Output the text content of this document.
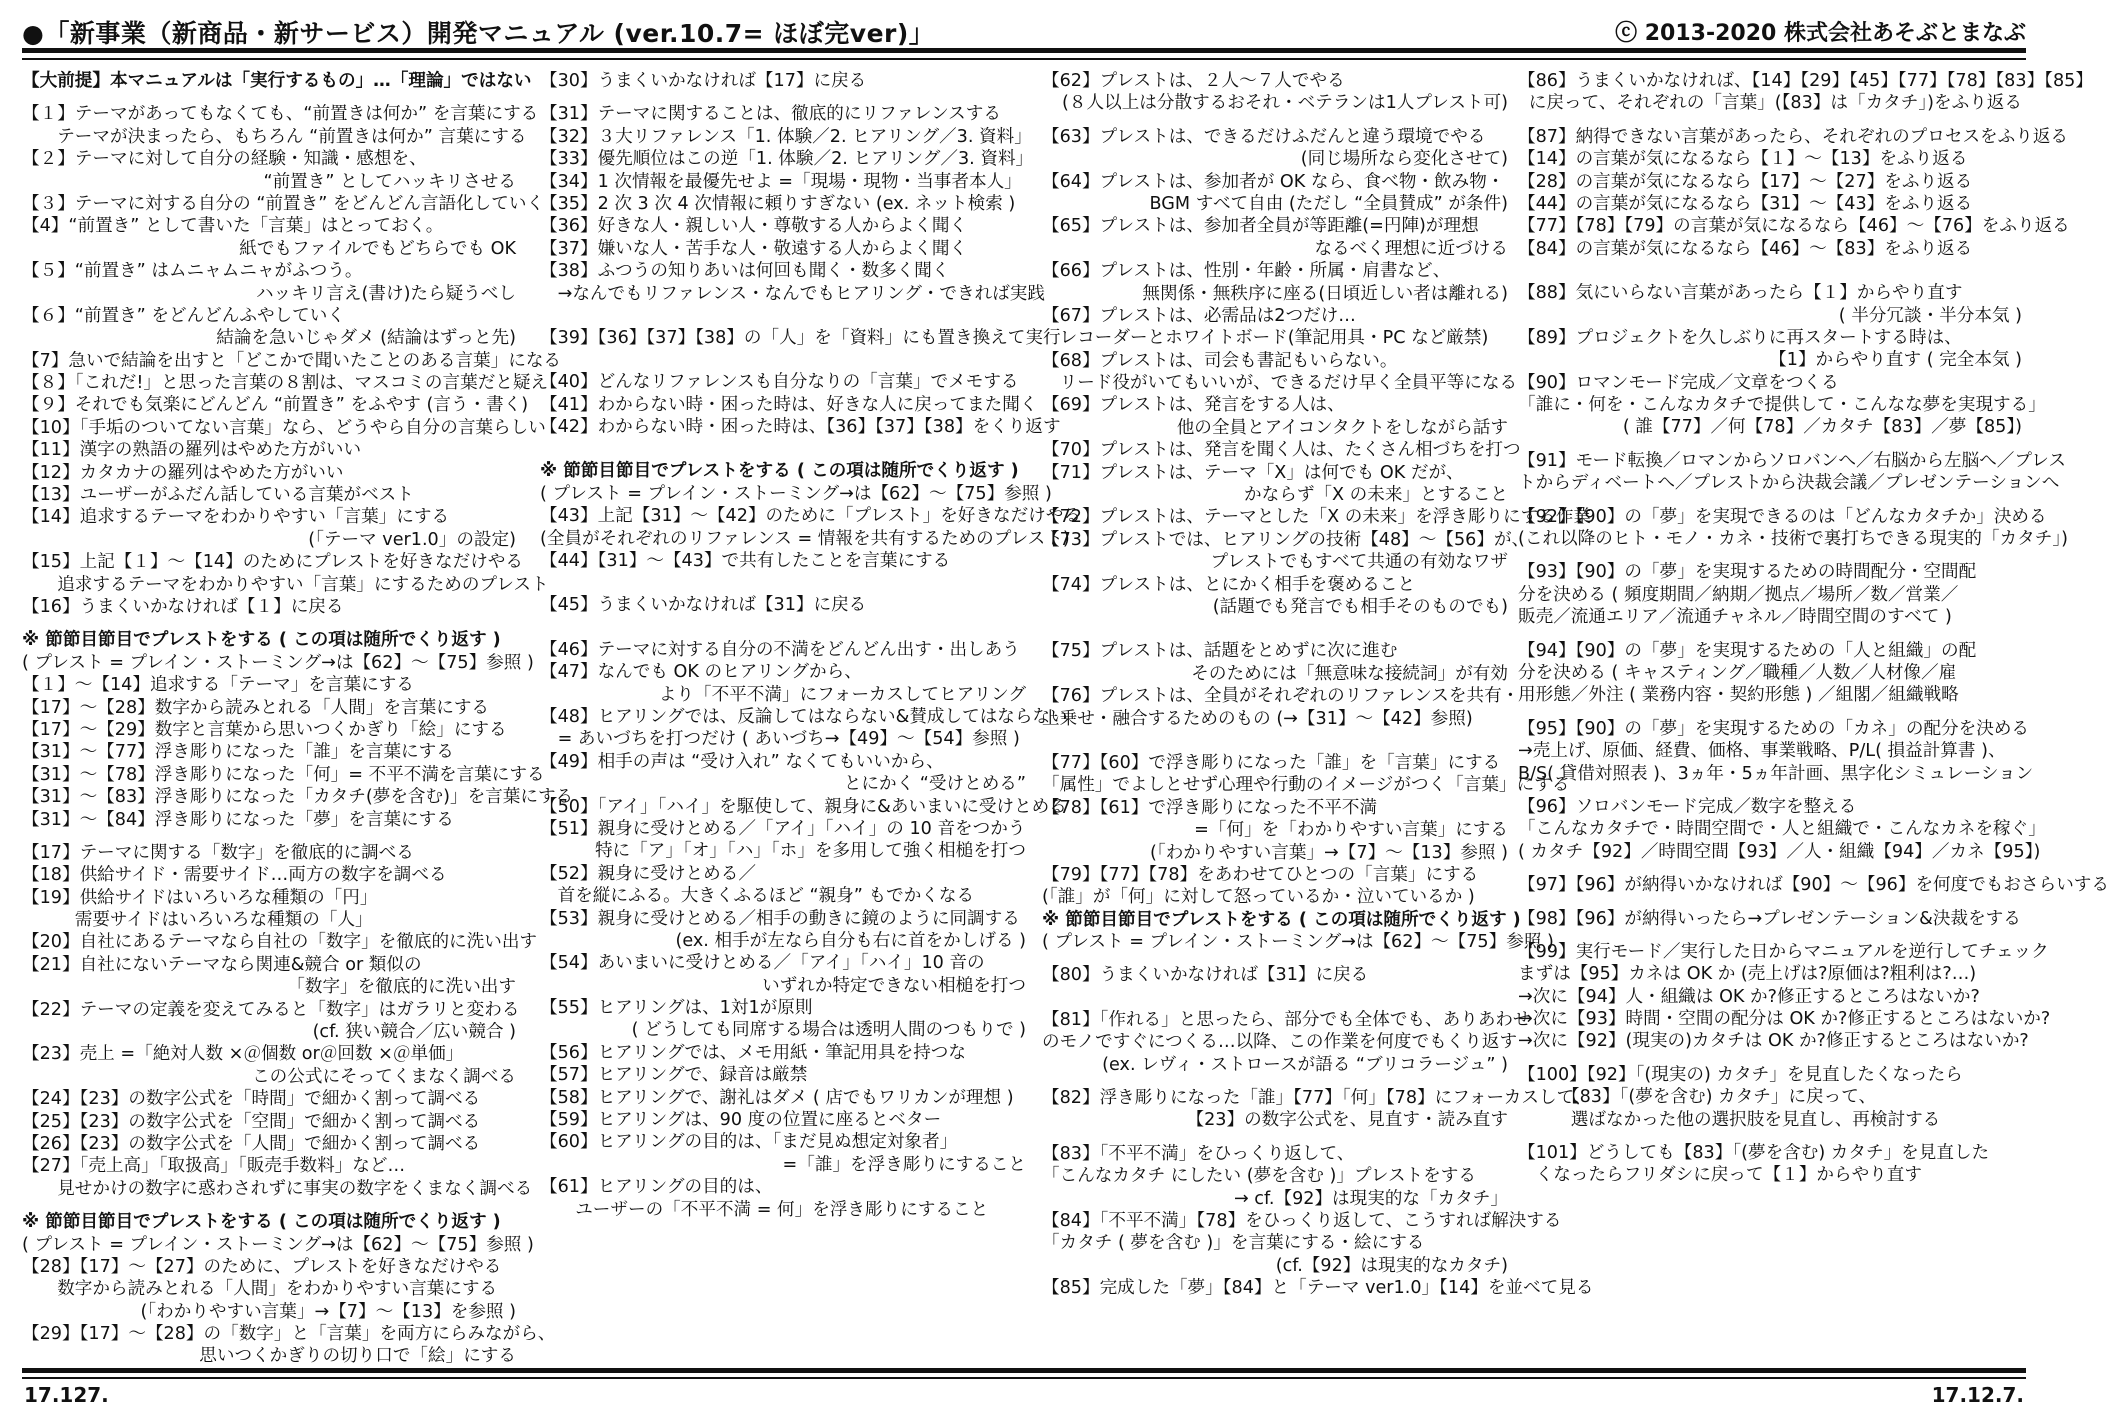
●「新事業（新商品・新サービス）開発マニュアル (ver.10.7= ほぼ完ver)」	ⓒ 2013-2020 株式会社あそぶとまなぶ
【大前提】本マニュアルは「実行するもの」…「理論」ではない
【１】テーマがあってもなくても、“前置きは何か” を言葉にする
　　テーマが決まったら、もちろん “前置きは何か” 言葉にする
【２】テーマに対して自分の経験・知識・感想を、
“前置き” としてハッキリさせる
【３】テーマに対する自分の “前置き” をどんどん言語化していく
【4】“前置き” として書いた「言葉」はとっておく。
紙でもファイルでもどちらでも OK
【５】“前置き” はムニャムニャがふつう。
ハッキリ言え(書け)たら疑うべし
【６】“前置き” をどんどんふやしていく
結論を急いじゃダメ (結論はずっと先)
【7】急いで結論を出すと「どこかで聞いたことのある言葉」になる
【８】「これだ!」と思った言葉の８割は、マスコミの言葉だと疑え
【９】それでも気楽にどんどん “前置き” をふやす (言う・書く)
【10】「手垢のついてない言葉」なら、どうやら自分の言葉らしい
【11】漢字の熟語の羅列はやめた方がいい
【12】カタカナの羅列はやめた方がいい
【13】ユーザーがふだん話している言葉がベスト
【14】追求するテーマをわかりやすい「言葉」にする
(「テーマ ver1.0」の設定)
【15】上記【１】〜【14】のためにプレストを好きなだけやる
　　追求するテーマをわかりやすい「言葉」にするためのプレスト
【16】うまくいかなければ【１】に戻る
※ 節節目節目でプレストをする ( この項は随所でくり返す )
( プレスト = プレイン・ストーミング→は【62】〜【75】参照 )
【１】〜【14】追求する「テーマ」を言葉にする
【17】〜【28】数字から読みとれる「人間」を言葉にする
【17】〜【29】数字と言葉から思いつくかぎり「絵」にする
【31】〜【77】浮き彫りになった「誰」を言葉にする
【31】〜【78】浮き彫りになった「何」= 不平不満を言葉にする
【31】〜【83】浮き彫りになった「カタチ(夢を含む)」を言葉にする
【31】〜【84】浮き彫りになった「夢」を言葉にする
【17】テーマに関する「数字」を徹底的に調べる
【18】供給サイド・需要サイド…両方の数字を調べる
【19】供給サイドはいろいろな種類の「円」
　　　需要サイドはいろいろな種類の「人」
【20】自社にあるテーマなら自社の「数字」を徹底的に洗い出す
【21】自社にないテーマなら関連&競合 or 類似の
「数字」を徹底的に洗い出す
【22】テーマの定義を変えてみると「数字」はガラリと変わる
(cf. 狭い競合／広い競合 )
【23】売上 =「絶対人数 ×＠個数 or＠回数 ×＠単価」
この公式にそってくまなく調べる
【24】【23】の数字公式を「時間」で細かく割って調べる
【25】【23】の数字公式を「空間」で細かく割って調べる
【26】【23】の数字公式を「人間」で細かく割って調べる
【27】「売上高」「取扱高」「販売手数料」など…
　　見せかけの数字に惑わされずに事実の数字をくまなく調べる
※ 節節目節目でプレストをする ( この項は随所でくり返す )
( プレスト = プレイン・ストーミング→は【62】〜【75】参照 )
【28】【17】〜【27】のために、プレストを好きなだけやる
　　数字から読みとれる「人間」をわかりやすい言葉にする
(「わかりやすい言葉」→【7】〜【13】を参照 )
【29】【17】〜【28】の「数字」と「言葉」を両方にらみながら、
思いつくかぎりの切り口で「絵」にする
【30】うまくいかなければ【17】に戻る
【31】テーマに関することは、徹底的にリファレンスする
【32】３大リファレンス「1. 体験／2. ヒアリング／3. 資料」
【33】優先順位はこの逆「1. 体験／2. ヒアリング／3. 資料」
【34】1 次情報を最優先せよ =「現場・現物・当事者本人」
【35】2 次 3 次 4 次情報に頼りすぎない (ex. ネット検索 )
【36】好きな人・親しい人・尊敬する人からよく聞く
【37】嫌いな人・苦手な人・敬遠する人からよく聞く
【38】ふつうの知りあいは何回も聞く・数多く聞く
　→なんでもリファレンス・なんでもヒアリング・できれば実践
【39】【36】【37】【38】の「人」を「資料」にも置き換えて実行
【40】どんなリファレンスも自分なりの「言葉」でメモする
【41】わからない時・困った時は、好きな人に戻ってまた聞く
【42】わからない時・困った時は、【36】【37】【38】をくり返す
※ 節節目節目でプレストをする ( この項は随所でくり返す )
( プレスト = プレイン・ストーミング→は【62】〜【75】参照 )
【43】上記【31】〜【42】のために「プレスト」を好きなだけやる
(全員がそれぞれのリファレンス = 情報を共有するためのプレスト)
【44】【31】〜【43】で共有したことを言葉にする
【45】うまくいかなければ【31】に戻る
【46】テーマに対する自分の不満をどんどん出す・出しあう
【47】なんでも OK のヒアリングから、
より「不平不満」にフォーカスしてヒアリング
【48】ヒアリングでは、反論してはならない&賛成してはならない
　= あいづちを打つだけ ( あいづち→【49】〜【54】参照 )
【49】相手の声は “受け入れ” なくてもいいから、
とにかく “受けとめる”
【50】「アイ」「ハイ」を駆使して、親身に&あいまいに受けとめる
【51】親身に受けとめる／「アイ」「ハイ」の 10 音をつかう
特に「ア」「オ」「ハ」「ホ」を多用して強く相槌を打つ
【52】親身に受けとめる／
　首を縦にふる。大きくふるほど “親身” もでかくなる
【53】親身に受けとめる／相手の動きに鏡のように同調する
(ex. 相手が左なら自分も右に首をかしげる )
【54】あいまいに受けとめる／「アイ」「ハイ」10 音の
いずれか特定できない相槌を打つ
【55】ヒアリングは、1対1が原則
( どうしても同席する場合は透明人間のつもりで )
【56】ヒアリングでは、メモ用紙・筆記用具を持つな
【57】ヒアリングで、録音は厳禁
【58】ヒアリングで、謝礼はダメ ( 店でもワリカンが理想 )
【59】ヒアリングは、90 度の位置に座るとベター
【60】ヒアリングの目的は、「まだ見ぬ想定対象者」
=「誰」を浮き彫りにすること
【61】ヒアリングの目的は、
　　ユーザーの「不平不満 = 何」を浮き彫りにすること
【62】プレストは、２人〜７人でやる
(８人以上は分散するおそれ・ベテランは1人プレスト可)
【63】プレストは、できるだけふだんと違う環境でやる
(同じ場所なら変化させて)
【64】プレストは、参加者が OK なら、食べ物・飲み物・
BGM すべて自由 (ただし “全員賛成” が条件)
【65】プレストは、参加者全員が等距離(=円陣)が理想
なるべく理想に近づける
【66】プレストは、性別・年齢・所属・肩書など、
無関係・無秩序に座る(日頃近しい者は離れる)
【67】プレストは、必需品は2つだけ…
　レコーダーとホワイトボード(筆記用具・PC など厳禁)
【68】プレストは、司会も書記もいらない。
　リード役がいてもいいが、できるだけ早く全員平等になる
【69】プレストは、発言をする人は、
他の全員とアイコンタクトをしながら話す
【70】プレストは、発言を聞く人は、たくさん相づちを打つ
【71】プレストは、テーマ「X」は何でも OK だが、
かならず「X の未来」とすること
【72】プレストは、テーマとした「X の未来」を浮き彫りにする作業
【73】プレストでは、ヒアリングの技術【48】〜【56】が、
プレストでもすべて共通の有効なワザ
【74】プレストは、とにかく相手を褒めること
(話題でも発言でも相手そのものでも)
【75】プレストは、話題をとめずに次に進む
そのためには「無意味な接続詞」が有効
【76】プレストは、全員がそれぞれのリファレンスを共有・
上乗せ・融合するためのもの (→【31】〜【42】参照)
【77】【60】で浮き彫りになった「誰」を「言葉」にする
「属性」でよしとせず心理や行動のイメージがつく「言葉」にする
【78】【61】で浮き彫りになった不平不満
=「何」を「わかりやすい言葉」にする
(「わかりやすい言葉」→【7】〜【13】参照 )
【79】【77】【78】をあわせてひとつの「言葉」にする
(「誰」が「何」に対して怒っているか・泣いているか )
※ 節節目節目でプレストをする ( この項は随所でくり返す )
( プレスト = プレイン・ストーミング→は【62】〜【75】参照 )
【80】うまくいかなければ【31】に戻る
【81】「作れる」と思ったら、部分でも全体でも、ありあわせ
のモノですぐにつくる…以降、この作業を何度でもくり返す
(ex. レヴィ・ストロースが語る “ブリコラージュ” )
【82】浮き彫りになった「誰」【77】「何」【78】にフォーカスして、
【23】の数字公式を、見直す・読み直す
【83】「不平不満」をひっくり返して、
「こんなカタチ にしたい (夢を含む )」プレストをする
→ cf.【92】は現実的な「カタチ」
【84】「不平不満」【78】をひっくり返して、こうすれば解決する
「カタチ ( 夢を含む )」を言葉にする・絵にする
(cf.【92】は現実的なカタチ)
【85】完成した「夢」【84】と「テーマ ver1.0」【14】を並べて見る
【86】うまくいかなければ、【14】【29】【45】【77】【78】【83】【85】
に戻って、それぞれの「言葉」(【83】は「カタチ」)をふり返る
【87】納得できない言葉があったら、それぞれのプロセスをふり返る
【14】の言葉が気になるなら【１】〜【13】をふり返る
【28】の言葉が気になるなら【17】〜【27】をふり返る
【44】の言葉が気になるなら【31】〜【43】をふり返る
【77】【78】【79】の言葉が気になるなら【46】〜【76】をふり返る
【84】の言葉が気になるなら【46】〜【83】をふり返る
【88】気にいらない言葉があったら【１】からやり直す
( 半分冗談・半分本気 )
【89】プロジェクトを久しぶりに再スタートする時は、
【1】からやり直す ( 完全本気 )
【90】ロマンモード完成／文章をつくる
「誰に・何を・こんなカタチで提供して・こんなな夢を実現する」
( 誰【77】／何【78】／カタチ【83】／夢【85】)
【91】モード転換／ロマンからソロバンへ／右脳から左脳へ／プレス
トからディベートへ／プレストから決裁会議／プレゼンテーションへ
【92】【90】の「夢」を実現できるのは「どんなカタチか」決める
(これ以降のヒト・モノ・カネ・技術で裏打ちできる現実的「カタチ」)
【93】【90】の「夢」を実現するための時間配分・空間配
分を決める ( 頻度期間／納期／拠点／場所／数／営業／
販売／流通エリア／流通チャネル／時間空間のすべて )
【94】【90】の「夢」を実現するための「人と組織」の配
分を決める ( キャスティング／職種／人数／人材像／雇
用形態／外注 ( 業務内容・契約形態 ) ／組閣／組織戦略
【95】【90】の「夢」を実現するための「カネ」の配分を決める
→売上げ、原価、経費、価格、事業戦略、P/L( 損益計算書 )、
B/S( 貸借対照表 )、3ヵ年・5ヵ年計画、黒字化シミュレーション
【96】ソロバンモード完成／数字を整える
「こんなカタチで・時間空間で・人と組織で・こんなカネを稼ぐ」
( カタチ【92】／時間空間【93】／人・組織【94】／カネ【95】)
【97】【96】が納得いかなければ【90】〜【96】を何度でもおさらいする
【98】【96】が納得いったら→プレゼンテーション&決裁をする
【99】実行モード／実行した日からマニュアルを逆行してチェック
まずは【95】カネは OK か (売上げは?原価は?粗利は?…)
→次に【94】人・組織は OK か?修正するところはないか?
→次に【93】時間・空間の配分は OK か?修正するところはないか?
→次に【92】(現実の)カタチは OK か?修正するところはないか?
【100】【92】「(現実の) カタチ」を見直したくなったら
　　　【83】「(夢を含む) カタチ」に戻って、
　　　選ばなかった他の選択肢を見直し、再検討する
【101】どうしても【83】「(夢を含む) カタチ」を見直した
　くなったらフリダシに戻って【１】からやり直す
17.127.	17.12.7.
